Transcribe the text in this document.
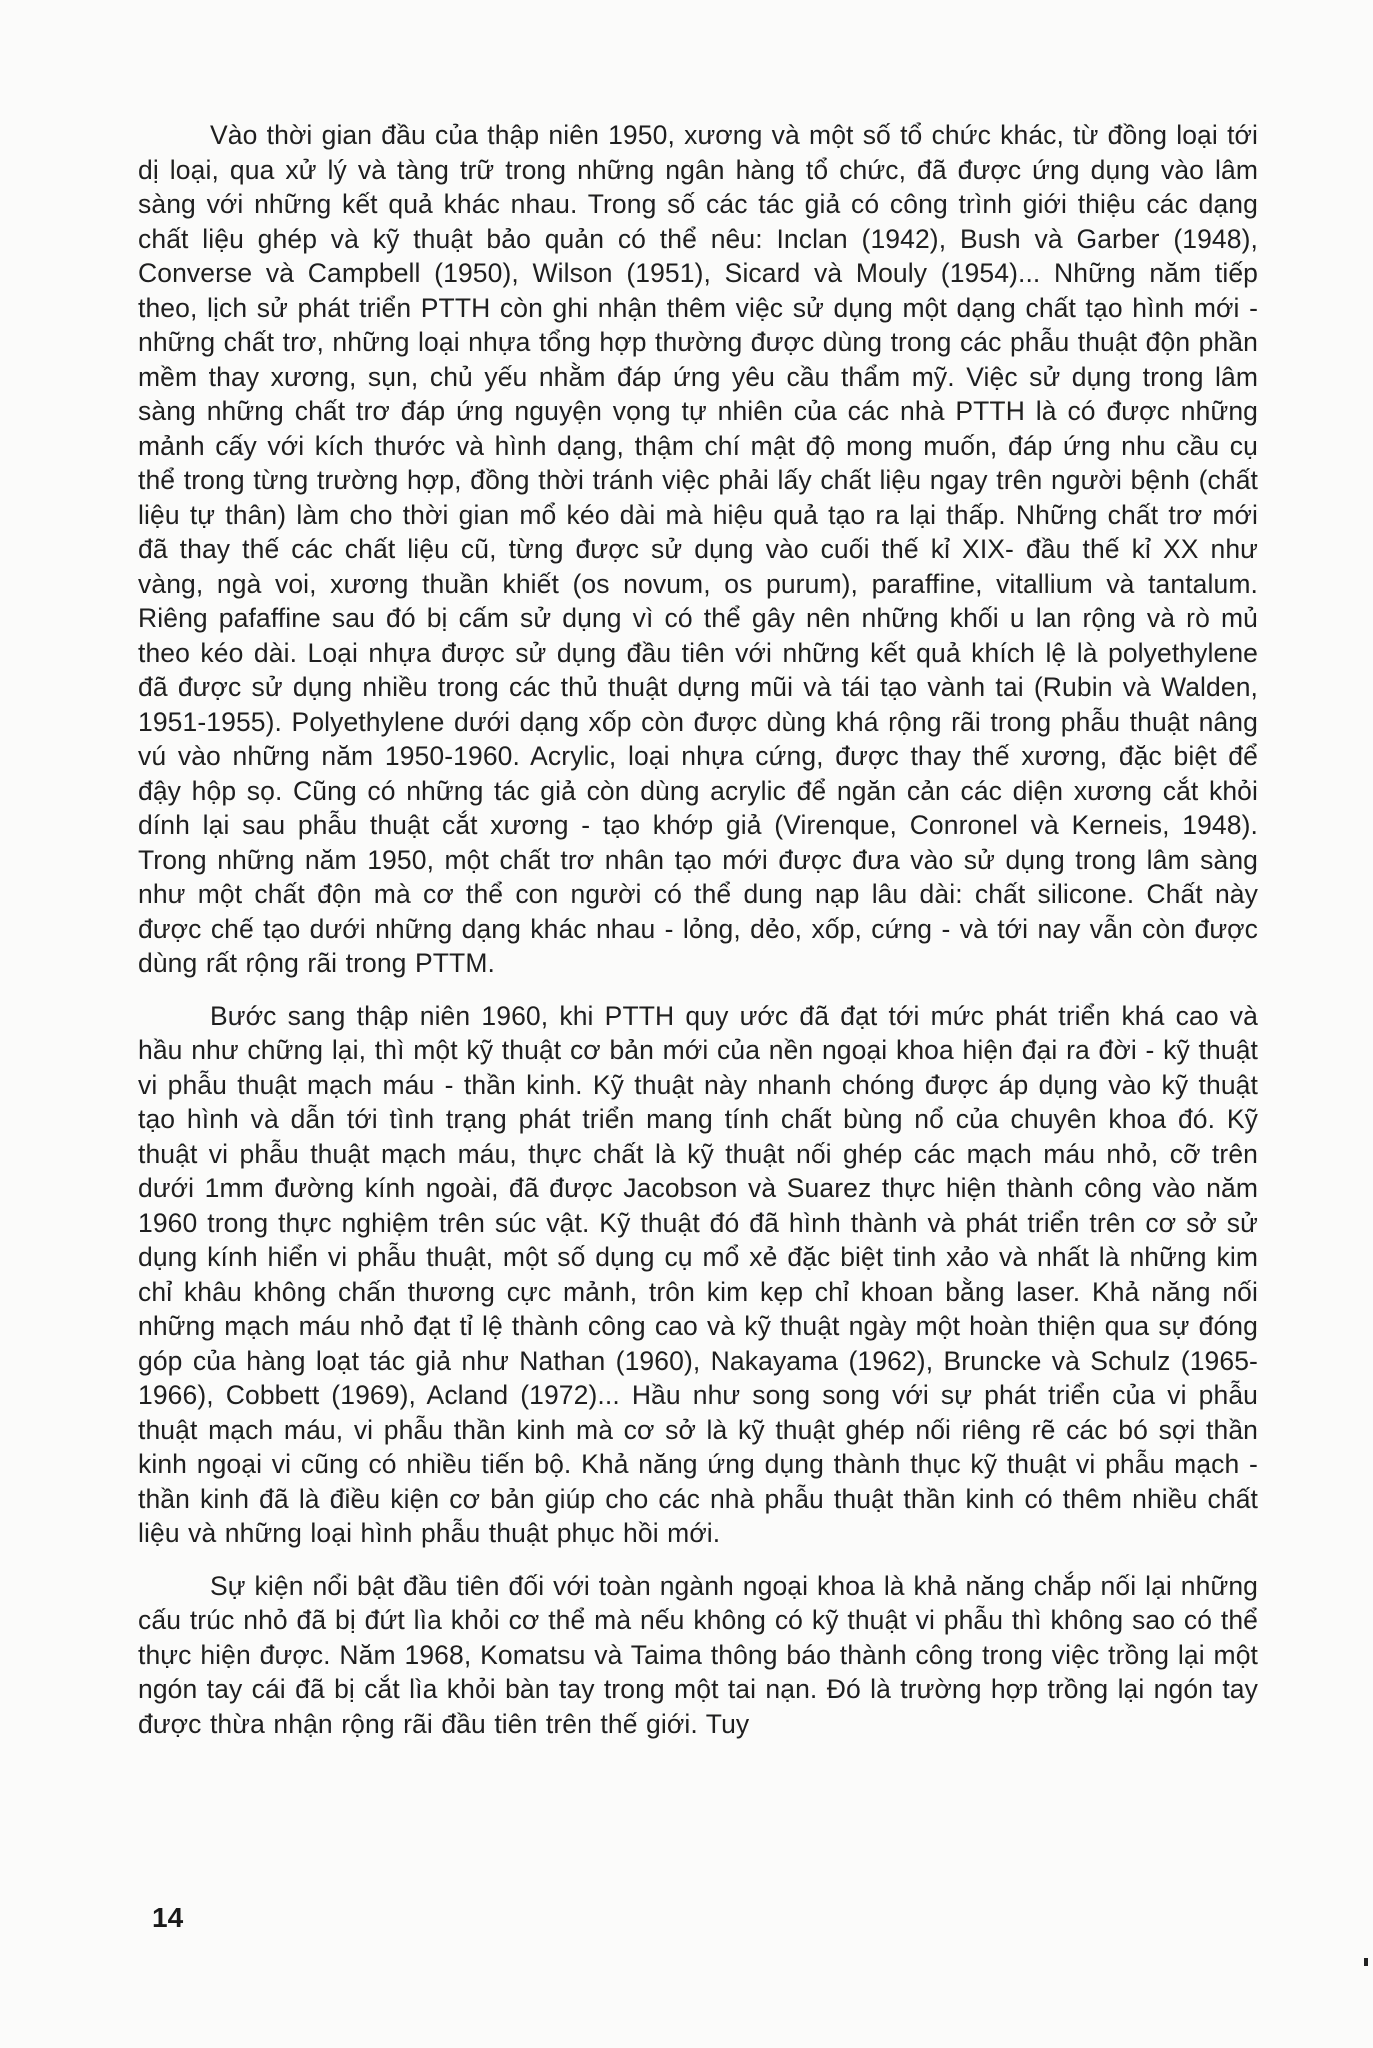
Vào thời gian đầu của thập niên 1950, xương và một số tổ chức khác, từ đồng loại tới dị loại, qua xử lý và tàng trữ trong những ngân hàng tổ chức, đã được ứng dụng vào lâm sàng với những kết quả khác nhau. Trong số các tác giả có công trình giới thiệu các dạng chất liệu ghép và kỹ thuật bảo quản có thể nêu: Inclan (1942), Bush và Garber (1948), Converse và Campbell (1950), Wilson (1951), Sicard và Mouly (1954)... Những năm tiếp theo, lịch sử phát triển PTTH còn ghi nhận thêm việc sử dụng một dạng chất tạo hình mới - những chất trơ, những loại nhựa tổng hợp thường được dùng trong các phẫu thuật độn phần mềm thay xương, sụn, chủ yếu nhằm đáp ứng yêu cầu thẩm mỹ. Việc sử dụng trong lâm sàng những chất trơ đáp ứng nguyện vọng tự nhiên của các nhà PTTH là có được những mảnh cấy với kích thước và hình dạng, thậm chí mật độ mong muốn, đáp ứng nhu cầu cụ thể trong từng trường hợp, đồng thời tránh việc phải lấy chất liệu ngay trên người bệnh (chất liệu tự thân) làm cho thời gian mổ kéo dài mà hiệu quả tạo ra lại thấp. Những chất trơ mới đã thay thế các chất liệu cũ, từng được sử dụng vào cuối thế kỉ XIX- đầu thế kỉ XX như vàng, ngà voi, xương thuần khiết (os novum, os purum), paraffine, vitallium và tantalum. Riêng pafaffine sau đó bị cấm sử dụng vì có thể gây nên những khối u lan rộng và rò mủ theo kéo dài. Loại nhựa được sử dụng đầu tiên với những kết quả khích lệ là polyethylene đã được sử dụng nhiều trong các thủ thuật dựng mũi và tái tạo vành tai (Rubin và Walden, 1951-1955). Polyethylene dưới dạng xốp còn được dùng khá rộng rãi trong phẫu thuật nâng vú vào những năm 1950-1960. Acrylic, loại nhựa cứng, được thay thế xương, đặc biệt để đậy hộp sọ. Cũng có những tác giả còn dùng acrylic để ngăn cản các diện xương cắt khỏi dính lại sau phẫu thuật cắt xương - tạo khớp giả (Virenque, Conronel và Kerneis, 1948). Trong những năm 1950, một chất trơ nhân tạo mới được đưa vào sử dụng trong lâm sàng như một chất độn mà cơ thể con người có thể dung nạp lâu dài: chất silicone. Chất này được chế tạo dưới những dạng khác nhau - lỏng, dẻo, xốp, cứng - và tới nay vẫn còn được dùng rất rộng rãi trong PTTM.

Bước sang thập niên 1960, khi PTTH quy ước đã đạt tới mức phát triển khá cao và hầu như chững lại, thì một kỹ thuật cơ bản mới của nền ngoại khoa hiện đại ra đời - kỹ thuật vi phẫu thuật mạch máu - thần kinh. Kỹ thuật này nhanh chóng được áp dụng vào kỹ thuật tạo hình và dẫn tới tình trạng phát triển mang tính chất bùng nổ của chuyên khoa đó. Kỹ thuật vi phẫu thuật mạch máu, thực chất là kỹ thuật nối ghép các mạch máu nhỏ, cỡ trên dưới 1mm đường kính ngoài, đã được Jacobson và Suarez thực hiện thành công vào năm 1960 trong thực nghiệm trên súc vật. Kỹ thuật đó đã hình thành và phát triển trên cơ sở sử dụng kính hiển vi phẫu thuật, một số dụng cụ mổ xẻ đặc biệt tinh xảo và nhất là những kim chỉ khâu không chấn thương cực mảnh, trôn kim kẹp chỉ khoan bằng laser. Khả năng nối những mạch máu nhỏ đạt tỉ lệ thành công cao và kỹ thuật ngày một hoàn thiện qua sự đóng góp của hàng loạt tác giả như Nathan (1960), Nakayama (1962), Bruncke và Schulz (1965-1966), Cobbett (1969), Acland (1972)... Hầu như song song với sự phát triển của vi phẫu thuật mạch máu, vi phẫu thần kinh mà cơ sở là kỹ thuật ghép nối riêng rẽ các bó sợi thần kinh ngoại vi cũng có nhiều tiến bộ. Khả năng ứng dụng thành thục kỹ thuật vi phẫu mạch - thần kinh đã là điều kiện cơ bản giúp cho các nhà phẫu thuật thần kinh có thêm nhiều chất liệu và những loại hình phẫu thuật phục hồi mới.

Sự kiện nổi bật đầu tiên đối với toàn ngành ngoại khoa là khả năng chắp nối lại những cấu trúc nhỏ đã bị đứt lìa khỏi cơ thể mà nếu không có kỹ thuật vi phẫu thì không sao có thể thực hiện được. Năm 1968, Komatsu và Taima thông báo thành công trong việc trồng lại một ngón tay cái đã bị cắt lìa khỏi bàn tay trong một tai nạn. Đó là trường hợp trồng lại ngón tay được thừa nhận rộng rãi đầu tiên trên thế giới. Tuy

14
